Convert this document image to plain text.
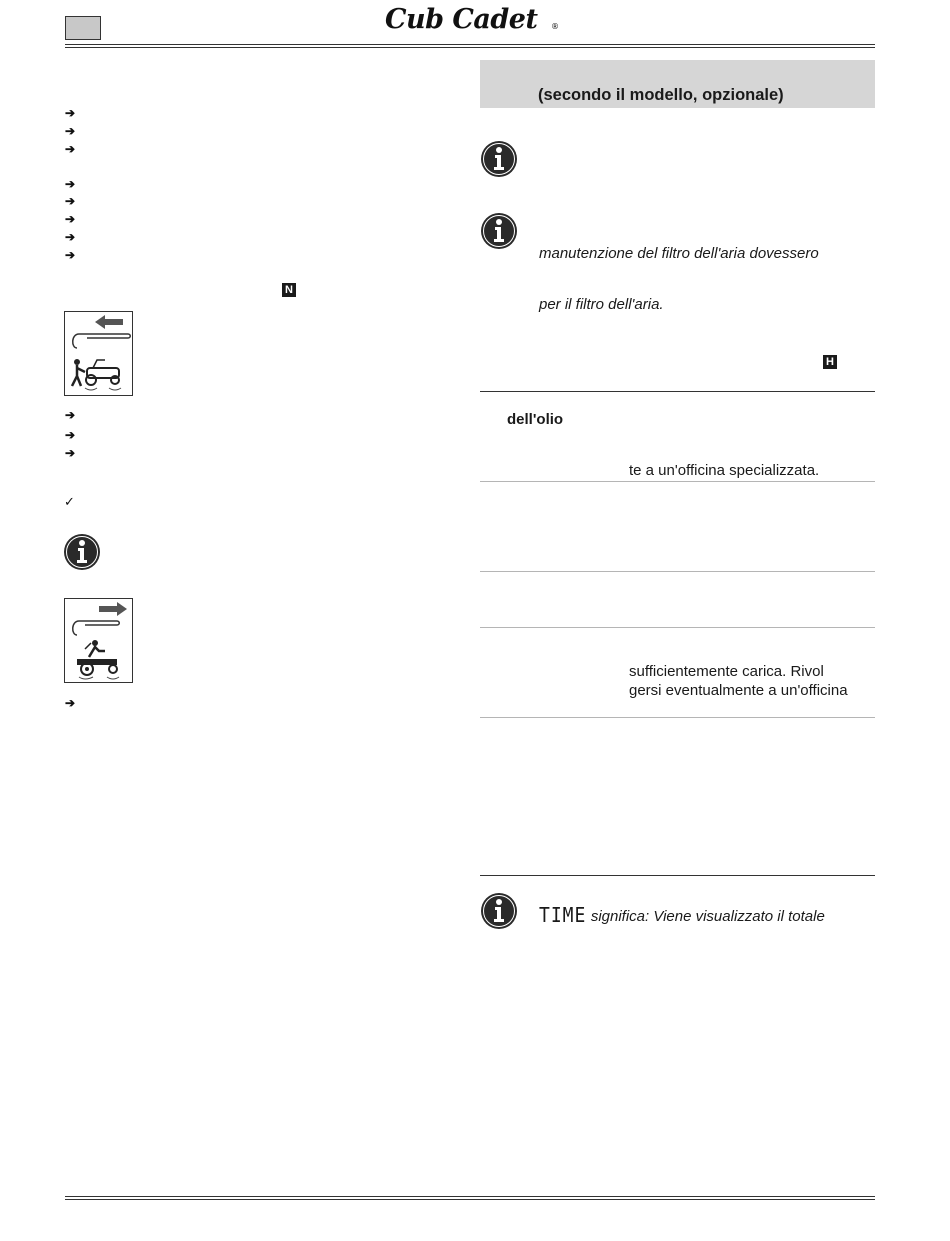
Cub Cadet ®
➔
➔
➔
➔
➔
➔
➔
➔
N
➔
➔
➔
✓
➔
(secondo il modello, opzionale)
manutenzione del filtro dell'aria dovessero
per il filtro dell'aria.
H
dell'olio
te a un'officina specializzata.
sufficientemente carica. Rivol
gersi eventualmente a un'officina
TIME significa: Viene visualizzato il totale
